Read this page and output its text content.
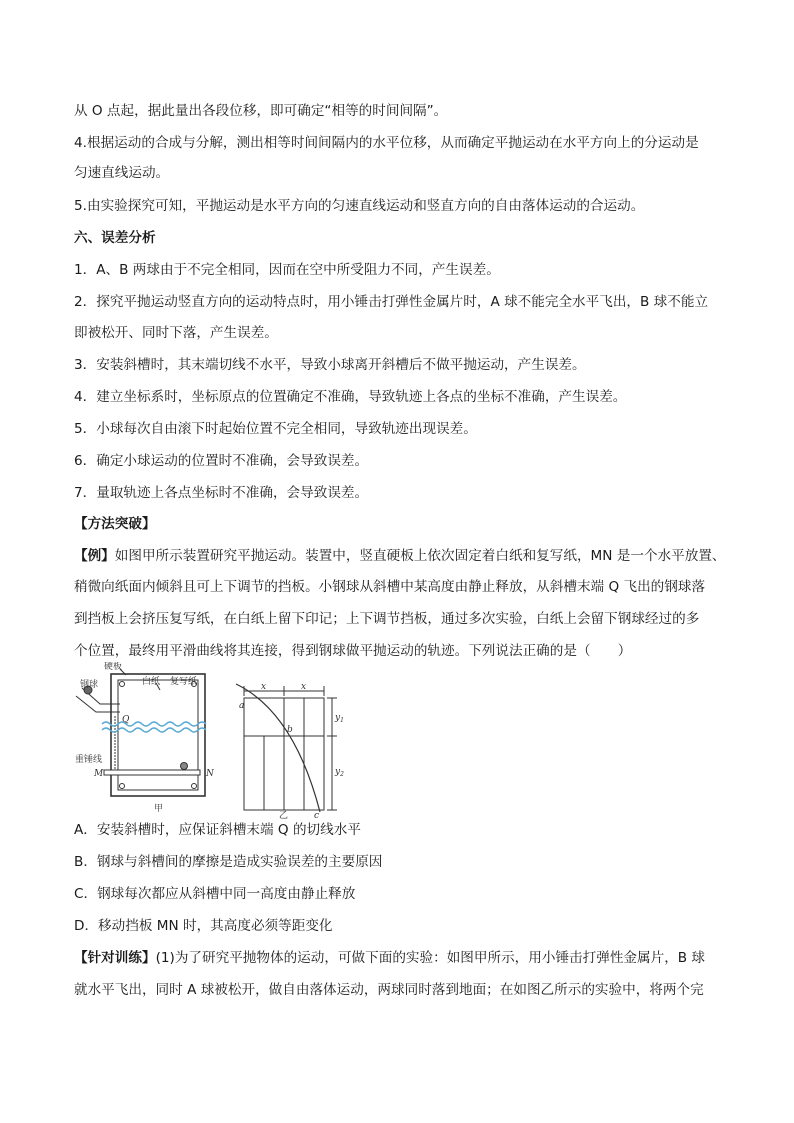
从 O 点起，据此量出各段位移，即可确定“相等的时间间隔”。
4.根据运动的合成与分解，测出相等时间间隔内的水平位移，从而确定平抛运动在水平方向上的分运动是
匀速直线运动。
5.由实验探究可知，平抛运动是水平方向的匀速直线运动和竖直方向的自由落体运动的合运动。
六、误差分析
1．A、B 两球由于不完全相同，因而在空中所受阻力不同，产生误差。
2．探究平抛运动竖直方向的运动特点时，用小锤击打弹性金属片时，A 球不能完全水平飞出，B 球不能立
即被松开、同时下落，产生误差。
3．安装斜槽时，其末端切线不水平，导致小球离开斜槽后不做平抛运动，产生误差。
4．建立坐标系时，坐标原点的位置确定不准确，导致轨迹上各点的坐标不准确，产生误差。
5．小球每次自由滚下时起始位置不完全相同，导致轨迹出现误差。
6．确定小球运动的位置时不准确，会导致误差。
7．量取轨迹上各点坐标时不准确，会导致误差。
【方法突破】
【例】如图甲所示装置研究平抛运动。装置中，竖直硬板上依次固定着白纸和复写纸，MN 是一个水平放置、
稍微向纸面内倾斜且可上下调节的挡板。小钢球从斜槽中某高度由静止释放，从斜槽末端 Q 飞出的钢球落
到挡板上会挤压复写纸，在白纸上留下印记；上下调节挡板，通过多次实验，白纸上会留下钢球经过的多
个位置，最终用平滑曲线将其连接，得到钢球做平抛运动的轨迹。下列说法正确的是（　　）
钢球
硬板
白纸 复写纸
Q
重锤线
M	N
甲
x	x
a
b
c
$y_1$
$y_2$
乙
A．安装斜槽时，应保证斜槽末端 Q 的切线水平
B．钢球与斜槽间的摩擦是造成实验误差的主要原因
C．钢球每次都应从斜槽中同一高度由静止释放
D．移动挡板 MN 时，其高度必须等距变化
【针对训练】(1)为了研究平抛物体的运动，可做下面的实验：如图甲所示，用小锤击打弹性金属片，B 球
就水平飞出，同时 A 球被松开，做自由落体运动，两球同时落到地面；在如图乙所示的实验中，将两个完
